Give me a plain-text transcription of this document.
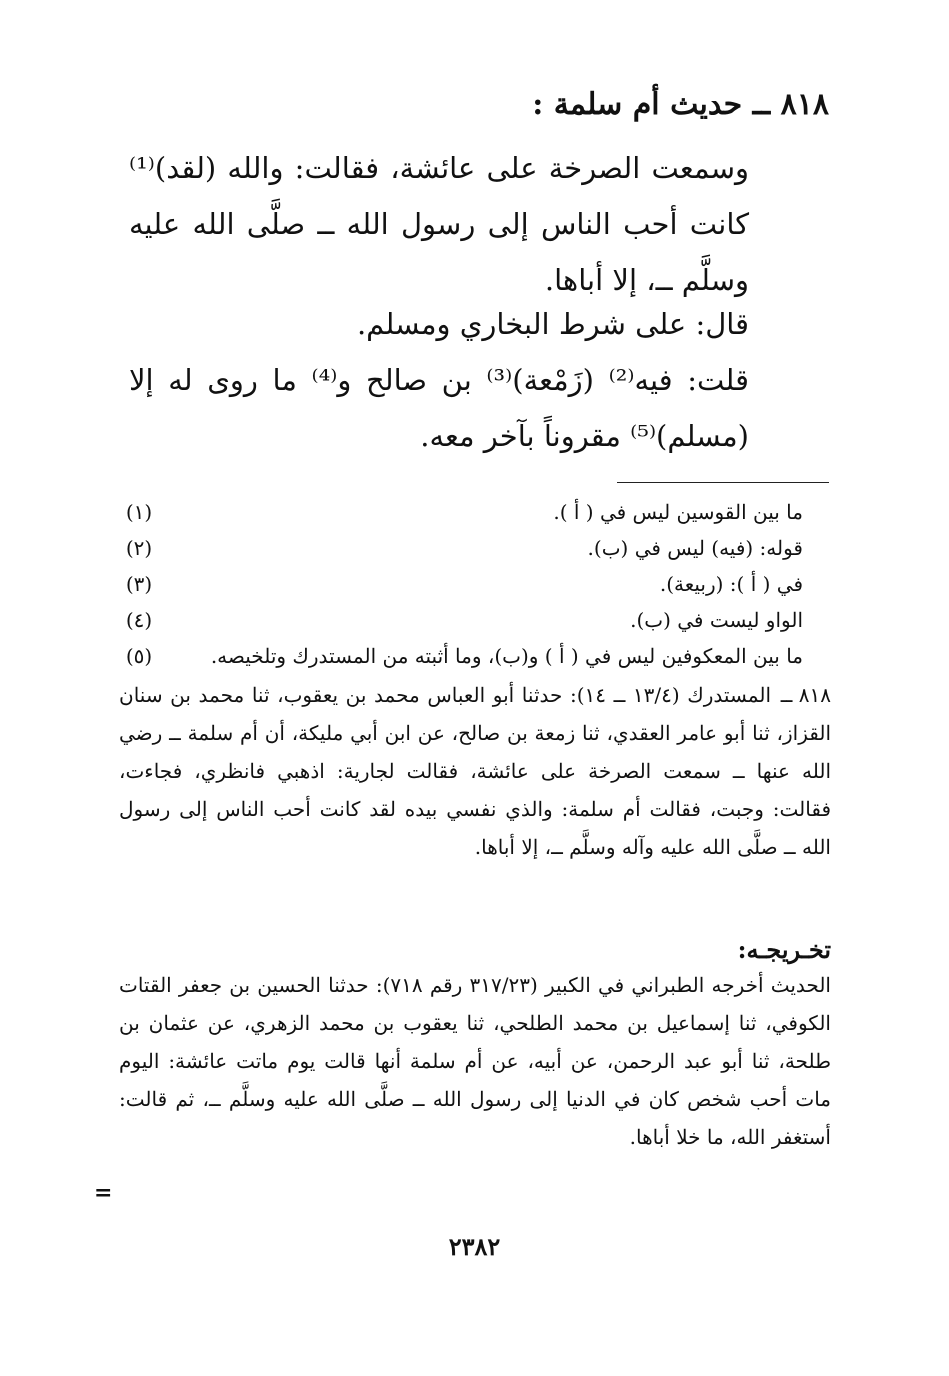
٨١٨ ــ حديث أم سلمة :
وسمعت الصرخة على عائشة، فقالت: والله (لقد)⁽¹⁾كانت أحب الناس إلى رسول الله ــ صلَّى الله عليه وسلَّم ــ، إلا أباها.
قال: على شرط البخاري ومسلم.
قلت: فيه⁽²⁾ (زَمْعة)⁽³⁾ بن صالح و⁽⁴⁾ ما روى له إلا (مسلم)⁽⁵⁾ مقروناً بآخر معه.
(١)	ما بين القوسين ليس في ( أ ).
(٢)	قوله: (فيه) ليس في (ب).
(٣)	في ( أ ): (ربيعة).
(٤)	الواو ليست في (ب).
(٥)	ما بين المعكوفين ليس في ( أ ) و(ب)، وما أثبته من المستدرك وتلخيصه.
٨١٨ ــ
المستدرك (١٣/٤ ــ ١٤): حدثنا أبو العباس محمد بن يعقوب، ثنا محمد بن سنان القزاز، ثنا أبو عامر العقدي، ثنا زمعة بن صالح، عن ابن أبي مليكة، أن أم سلمة ــ رضي الله عنها ــ سمعت الصرخة على عائشة، فقالت لجارية: اذهبي فانظري، فجاءت، فقالت: وجبت، فقالت أم سلمة: والذي نفسي بيده لقد كانت أحب الناس إلى رسول الله ــ صلَّى الله عليه وآله وسلَّم ــ، إلا أباها.
تخـريجـه:
الحديث أخرجه الطبراني في الكبير (٣١٧/٢٣ رقم ٧١٨): حدثنا الحسين بن جعفر القتات الكوفي، ثنا إسماعيل بن محمد الطلحي، ثنا يعقوب بن محمد الزهري، عن عثمان بن طلحة، ثنا أبو عبد الرحمن، عن أبيه، عن أم سلمة أنها قالت يوم ماتت عائشة: اليوم مات أحب شخص كان في الدنيا إلى رسول الله ــ صلَّى الله عليه وسلَّم ــ، ثم قالت: أستغفر الله، ما خلا أباها.
=
٢٣٨٢
